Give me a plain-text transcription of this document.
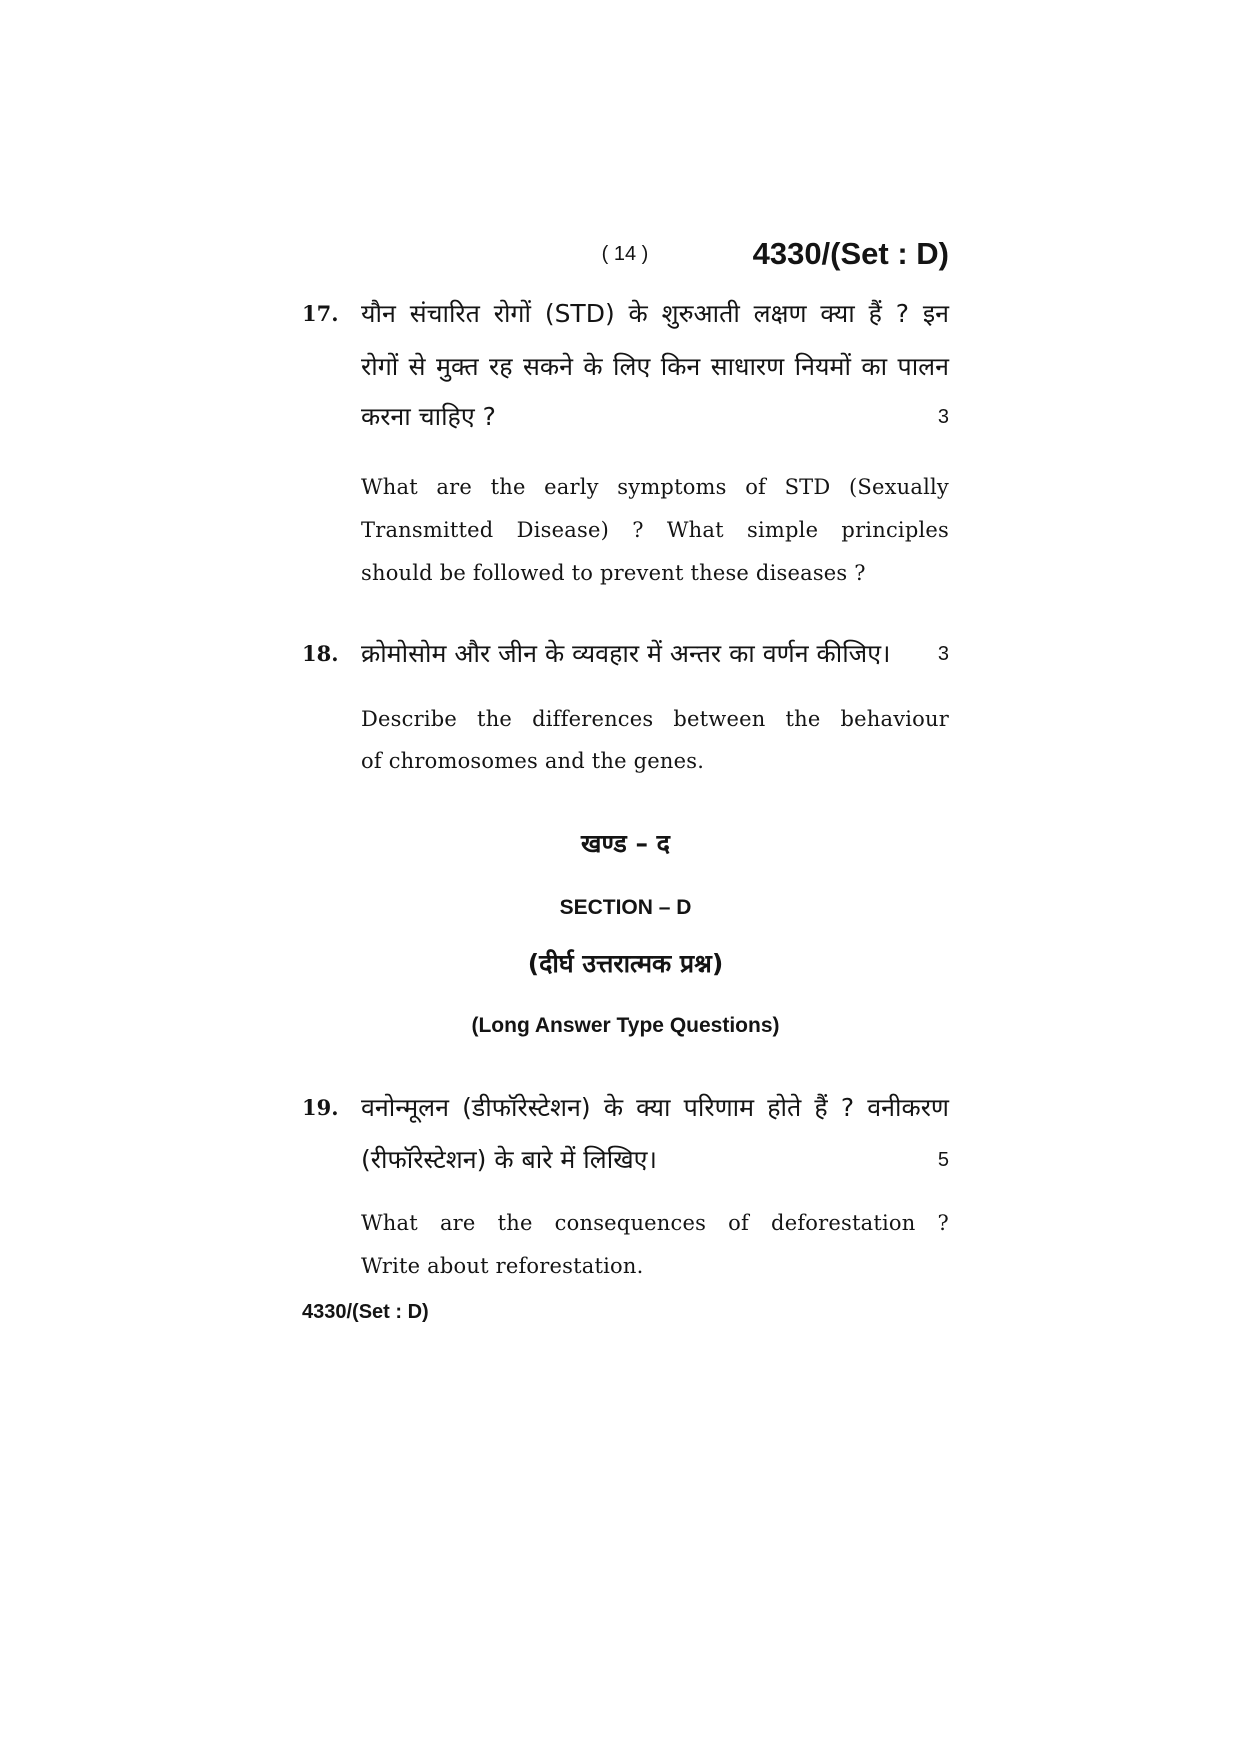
( 14 )	4330/(Set : D)
17. यौन संचारित रोगों (STD) के शुरुआती लक्षण क्या हैं ? इन
रोगों से मुक्त रह सकने के लिए किन साधारण नियमों का पालन
करना चाहिए ?	3
What are the early symptoms of STD (Sexually
Transmitted Disease) ? What simple principles
should be followed to prevent these diseases ?
18. क्रोमोसोम और जीन के व्यवहार में अन्तर का वर्णन कीजिए।	3
Describe the differences between the behaviour
of chromosomes and the genes.
खण्ड – द
SECTION – D
(दीर्घ उत्तरात्मक प्रश्न)
(Long Answer Type Questions)
19. वनोन्मूलन (डीफॉरेस्टेशन) के क्या परिणाम होते हैं ? वनीकरण
(रीफॉरेस्टेशन) के बारे में लिखिए।	5
What are the consequences of deforestation ?
Write about reforestation.
4330/(Set : D)
